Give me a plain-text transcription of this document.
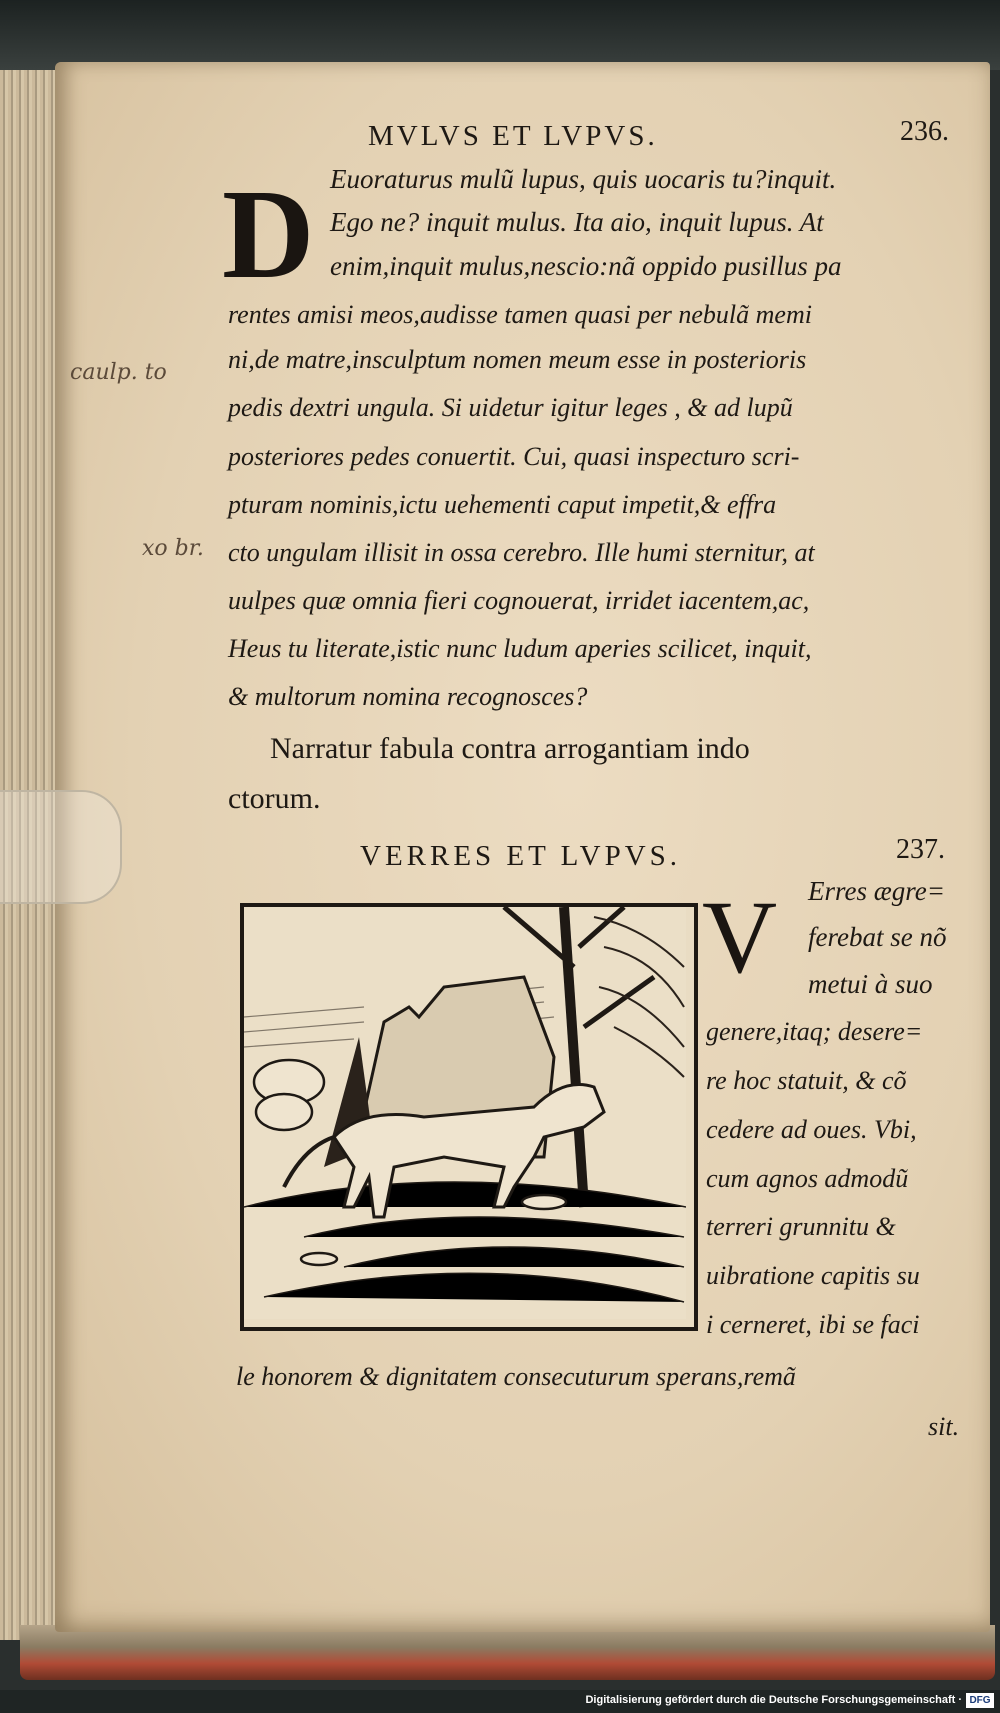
MVLVS ET LVPVS.	236.
D Euoraturus mulũ lupus, quis uocaris tu?inquit.
Ego ne? inquit mulus. Ita aio, inquit lupus. At
enim,inquit mulus,nescio:nã oppido pusillus pa
rentes amisi meos,audisse tamen quasi per nebulã memi
ni,de matre,insculptum nomen meum esse in posterioris
pedis dextri ungula. Si uidetur igitur leges , & ad lupũ
posteriores pedes conuertit. Cui, quasi inspecturo scri-
pturam nominis,ictu uehementi caput impetit,& effra
cto ungulam illisit in ossa cerebro. Ille humi sternitur, at
uulpes quæ omnia fieri cognouerat, irridet iacentem,ac,
Heus tu literate,istic nunc ludum aperies scilicet, inquit,
& multorum nomina recognosces?
Narratur fabula contra arrogantiam indo
ctorum.
caulp. to
xo br.
VERRES ET LVPVS.	237.
V Erres ægre=
ferebat se nõ
metui à suo
genere,itaq; desere=
re hoc statuit, & cõ
cedere ad oues. Vbi,
cum agnos admodũ
terreri grunnitu &
uibratione capitis su
i cerneret, ibi se faci
le honorem & dignitatem consecuturum sperans,remã
sit.
Digitalisierung gefördert durch die Deutsche Forschungsgemeinschaft · DFG
